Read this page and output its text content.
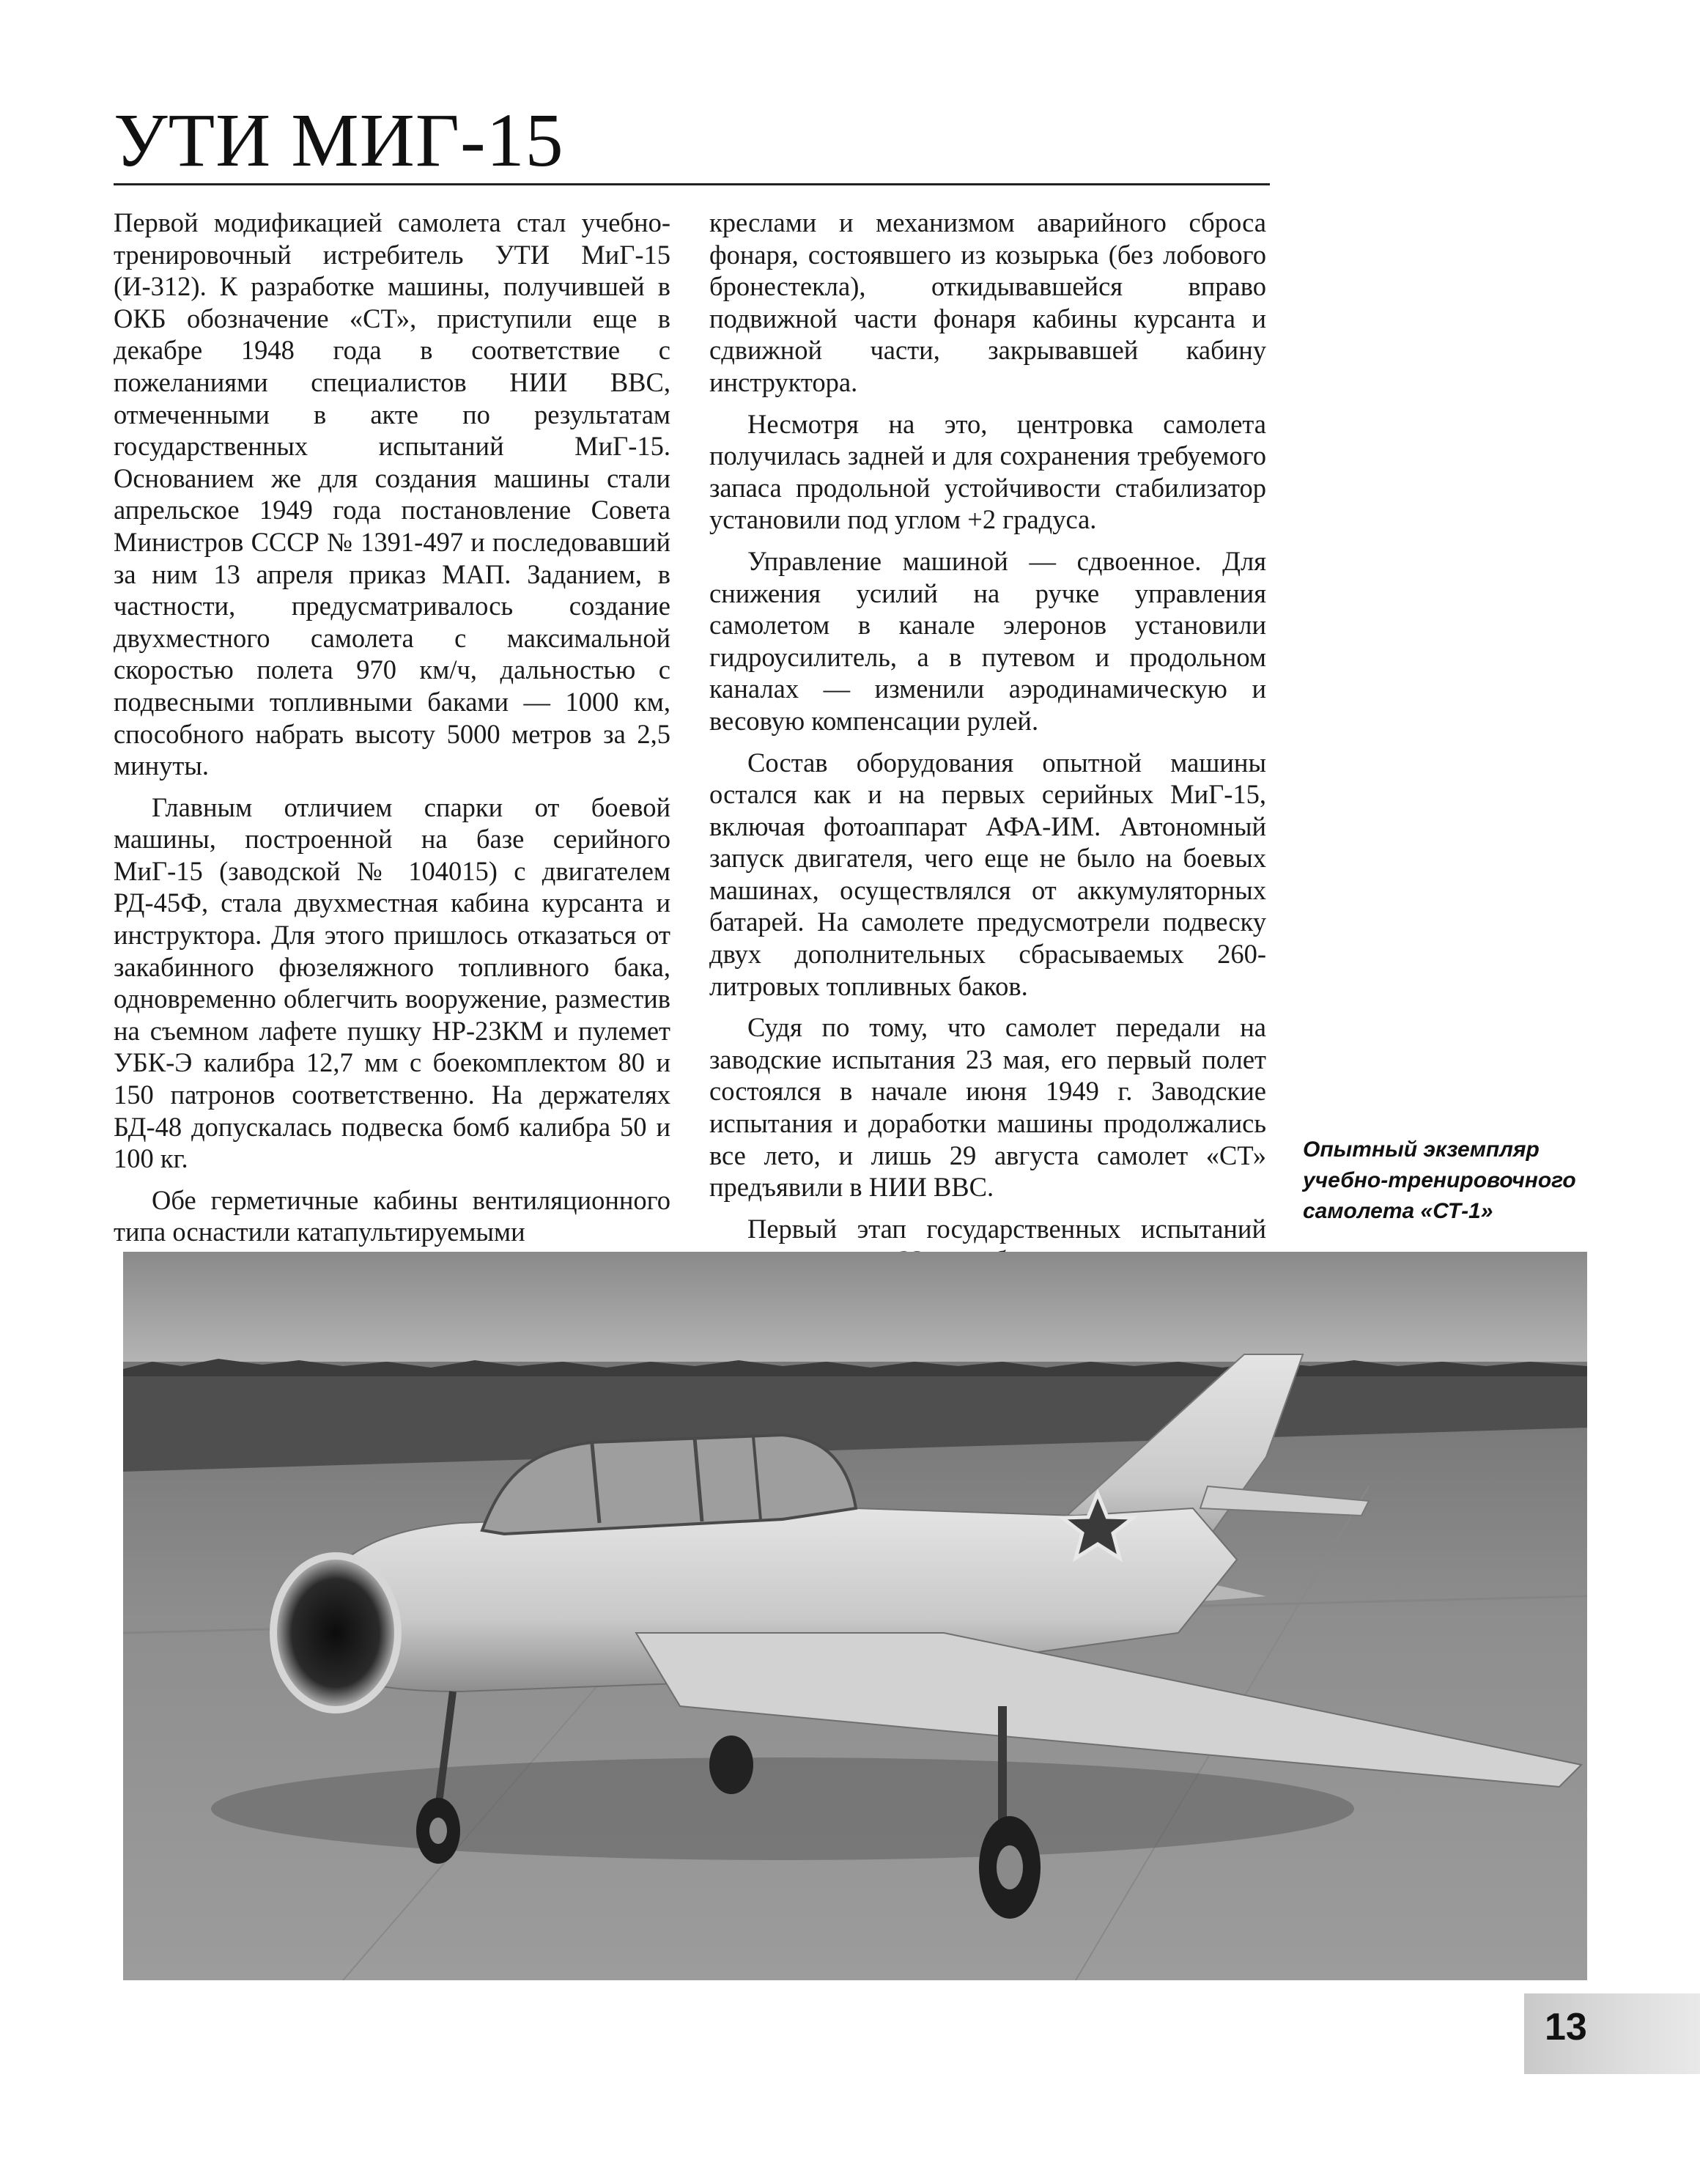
УТИ МИГ-15

Первой модификацией самолета стал учебно-тренировочный истребитель УТИ МиГ-15 (И-312). К разработке машины, получившей в ОКБ обозначение «СТ», приступили еще в декабре 1948 года в соответствие с пожеланиями специалистов НИИ ВВС, отмеченными в акте по результатам государственных испытаний МиГ-15. Основанием же для создания машины стали апрельское 1949 года постановление Совета Министров СССР № 1391-497 и последовавший за ним 13 апреля приказ МАП. Заданием, в частности, предусматривалось создание двухместного самолета с максимальной скоростью полета 970 км/ч, дальностью с подвесными топливными баками — 1000 км, способного набрать высоту 5000 метров за 2,5 минуты.

Главным отличием спарки от боевой машины, построенной на базе серийного МиГ-15 (заводской № 104015) с двигателем РД-45Ф, стала двухместная кабина курсанта и инструктора. Для этого пришлось отказаться от закабинного фюзеляжного топливного бака, одновременно облегчить вооружение, разместив на съемном лафете пушку НР-23КМ и пулемет УБК-Э калибра 12,7 мм с боекомплектом 80 и 150 патронов соответственно. На держателях БД-48 допускалась подвеска бомб калибра 50 и 100 кг.

Обе герметичные кабины вентиляционного типа оснастили катапультируемыми

креслами и механизмом аварийного сброса фонаря, состоявшего из козырька (без лобового бронестекла), откидывавшейся вправо подвижной части фонаря кабины курсанта и сдвижной части, закрывавшей кабину инструктора.

Несмотря на это, центровка самолета получилась задней и для сохранения требуемого запаса продольной устойчивости стабилизатор установили под углом +2 градуса.

Управление машиной — сдвоенное. Для снижения усилий на ручке управления самолетом в канале элеронов установили гидроусилитель, а в путевом и продольном каналах — изменили аэродинамическую и весовую компенсации рулей.

Состав оборудования опытной машины остался как и на первых серийных МиГ-15, включая фотоаппарат АФА-ИМ. Автономный запуск двигателя, чего еще не было на боевых машинах, осуществлялся от аккумуляторных батарей. На самолете предусмотрели подвеску двух дополнительных сбрасываемых 260-литровых топливных баков.

Судя по тому, что самолет передали на заводские испытания 23 мая, его первый полет состоялся в начале июня 1949 г. Заводские испытания и доработки машины продолжались все лето, и лишь 29 августа самолет «СТ» предъявили в НИИ ВВС.

Первый этап государственных испытаний

Опытный экземпляр
учебно-тренировочного
самолета «СТ-1»
13
